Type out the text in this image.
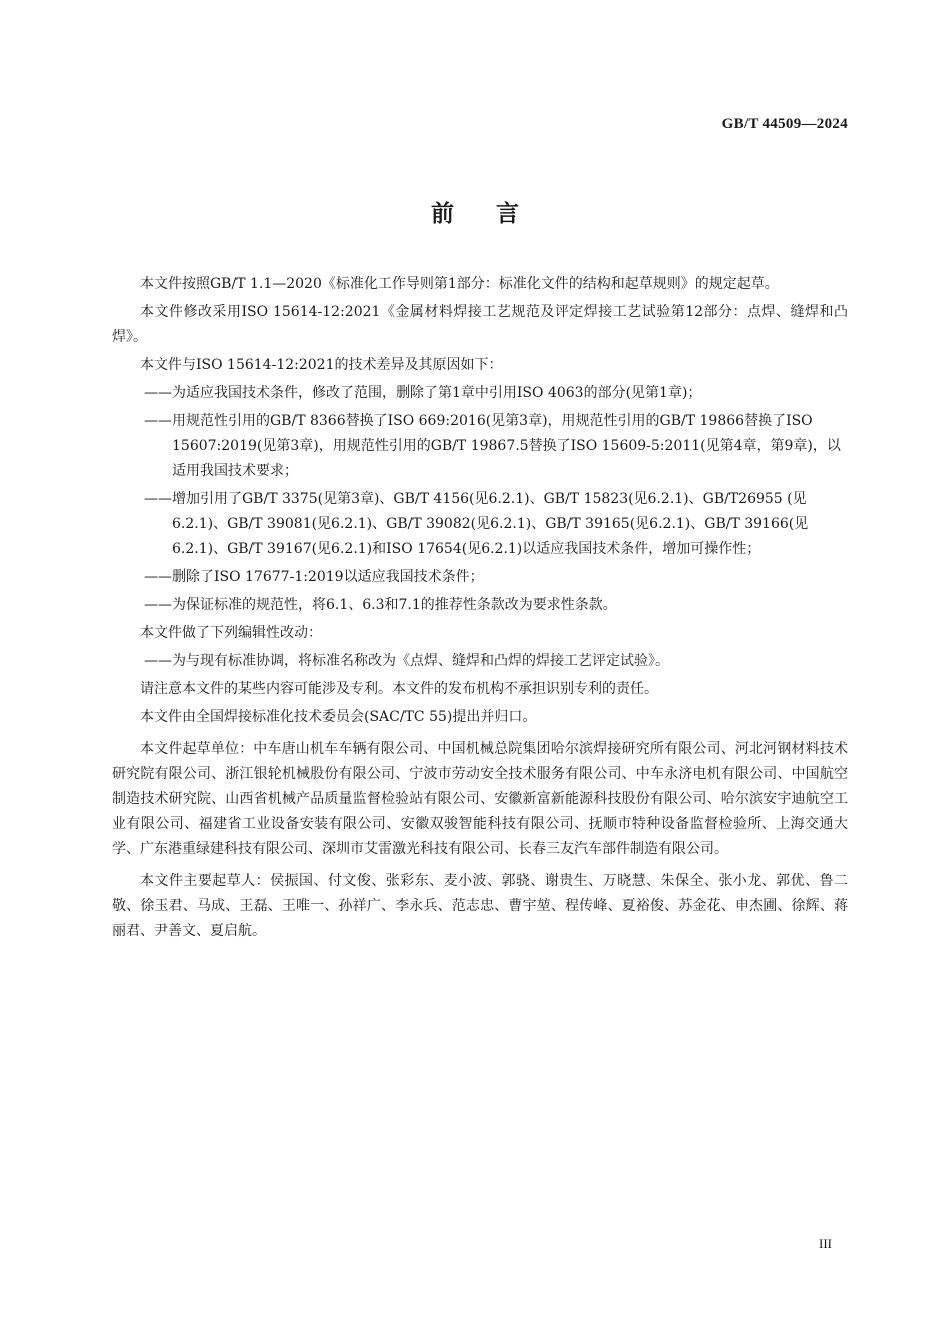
GB/T 44509—2024
前言

本文件按照GB/T 1.1—2020《标准化工作导则第1部分：标准化文件的结构和起草规则》的规定起草。

本文件修改采用ISO 15614-12:2021《金属材料焊接工艺规范及评定焊接工艺试验第12部分：点焊、缝焊和凸焊》。

本文件与ISO 15614-12:2021的技术差异及其原因如下：

——为适应我国技术条件，修改了范围，删除了第1章中引用ISO 4063的部分(见第1章)；

——用规范性引用的GB/T 8366替换了ISO 669:2016(见第3章)，用规范性引用的GB/T 19866替换了ISO 15607:2019(见第3章)，用规范性引用的GB/T 19867.5替换了ISO 15609-5:2011(见第4章，第9章)，以适用我国技术要求；

——增加引用了GB/T 3375(见第3章)、GB/T 4156(见6.2.1)、GB/T 15823(见6.2.1)、GB/T26955 (见6.2.1)、GB/T 39081(见6.2.1)、GB/T 39082(见6.2.1)、GB/T 39165(见6.2.1)、GB/T 39166(见6.2.1)、GB/T 39167(见6.2.1)和ISO 17654(见6.2.1)以适应我国技术条件，增加可操作性；

——删除了ISO 17677-1:2019以适应我国技术条件；

——为保证标准的规范性，将6.1、6.3和7.1的推荐性条款改为要求性条款。

本文件做了下列编辑性改动：

——为与现有标准协调，将标准名称改为《点焊、缝焊和凸焊的焊接工艺评定试验》。

请注意本文件的某些内容可能涉及专利。本文件的发布机构不承担识别专利的责任。

本文件由全国焊接标准化技术委员会(SAC/TC 55)提出并归口。

本文件起草单位：中车唐山机车车辆有限公司、中国机械总院集团哈尔滨焊接研究所有限公司、河北河钢材料技术研究院有限公司、浙江银轮机械股份有限公司、宁波市劳动安全技术服务有限公司、中车永济电机有限公司、中国航空制造技术研究院、山西省机械产品质量监督检验站有限公司、安徽新富新能源科技股份有限公司、哈尔滨安宇迪航空工业有限公司、福建省工业设备安装有限公司、安徽双骏智能科技有限公司、抚顺市特种设备监督检验所、上海交通大学、广东港重绿建科技有限公司、深圳市艾雷激光科技有限公司、长春三友汽车部件制造有限公司。

本文件主要起草人：侯振国、付文俊、张彩东、麦小波、郭骁、谢贵生、万晓慧、朱保全、张小龙、郭优、鲁二敬、徐玉君、马成、王磊、王唯一、孙祥广、李永兵、范志忠、曹宇堃、程传峰、夏裕俊、苏金花、申杰圃、徐辉、蒋丽君、尹善文、夏启航。

III
